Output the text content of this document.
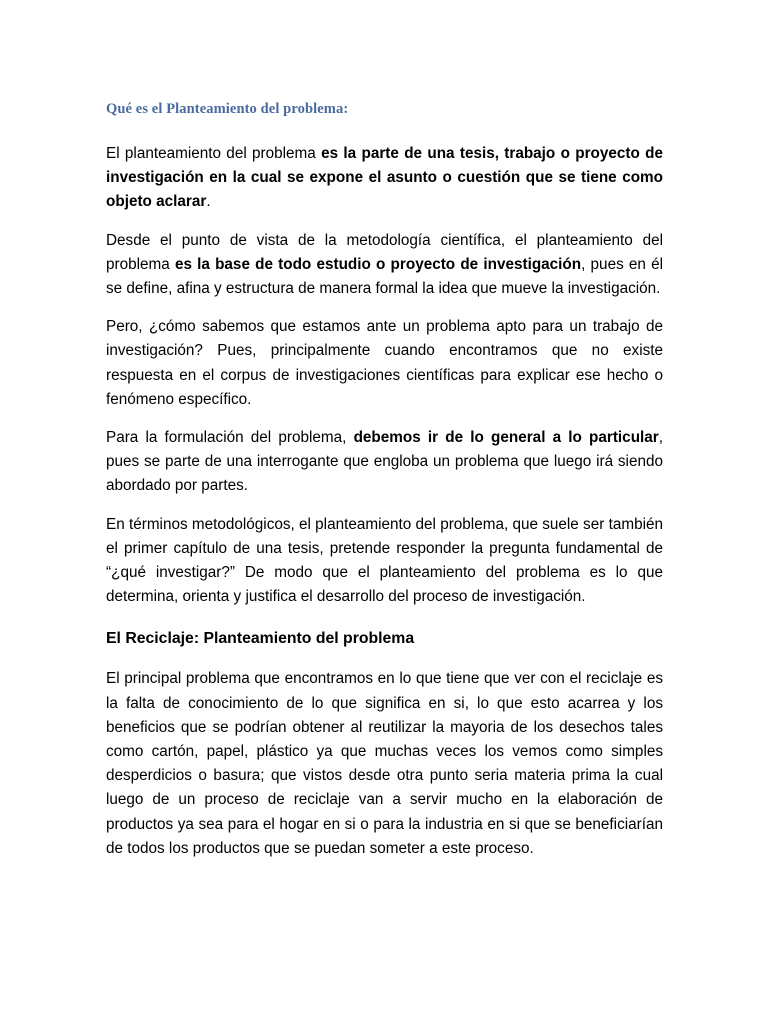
Qué es el Planteamiento del problema:

El planteamiento del problema es la parte de una tesis, trabajo o proyecto de investigación en la cual se expone el asunto o cuestión que se tiene como objeto aclarar.

Desde el punto de vista de la metodología científica, el planteamiento del problema es la base de todo estudio o proyecto de investigación, pues en él se define, afina y estructura de manera formal la idea que mueve la investigación.

Pero, ¿cómo sabemos que estamos ante un problema apto para un trabajo de investigación? Pues, principalmente cuando encontramos que no existe respuesta en el corpus de investigaciones científicas para explicar ese hecho o fenómeno específico.

Para la formulación del problema, debemos ir de lo general a lo particular, pues se parte de una interrogante que engloba un problema que luego irá siendo abordado por partes.

En términos metodológicos, el planteamiento del problema, que suele ser también el primer capítulo de una tesis, pretende responder la pregunta fundamental de “¿qué investigar?” De modo que el planteamiento del problema es lo que determina, orienta y justifica el desarrollo del proceso de investigación.

El Reciclaje: Planteamiento del problema

El principal problema que encontramos en lo que tiene que ver con el reciclaje es la falta de conocimiento de lo que significa en si, lo que esto acarrea y los beneficios que se podrían obtener al reutilizar la mayoria de los desechos tales como cartón, papel, plástico ya que muchas veces los vemos como simples desperdicios o basura; que vistos desde otra punto seria materia prima la cual luego de un proceso de reciclaje van a servir mucho en la elaboración de productos ya sea para el hogar en si o para la industria en si que se beneficiarían de todos los productos que se puedan someter a este proceso.
